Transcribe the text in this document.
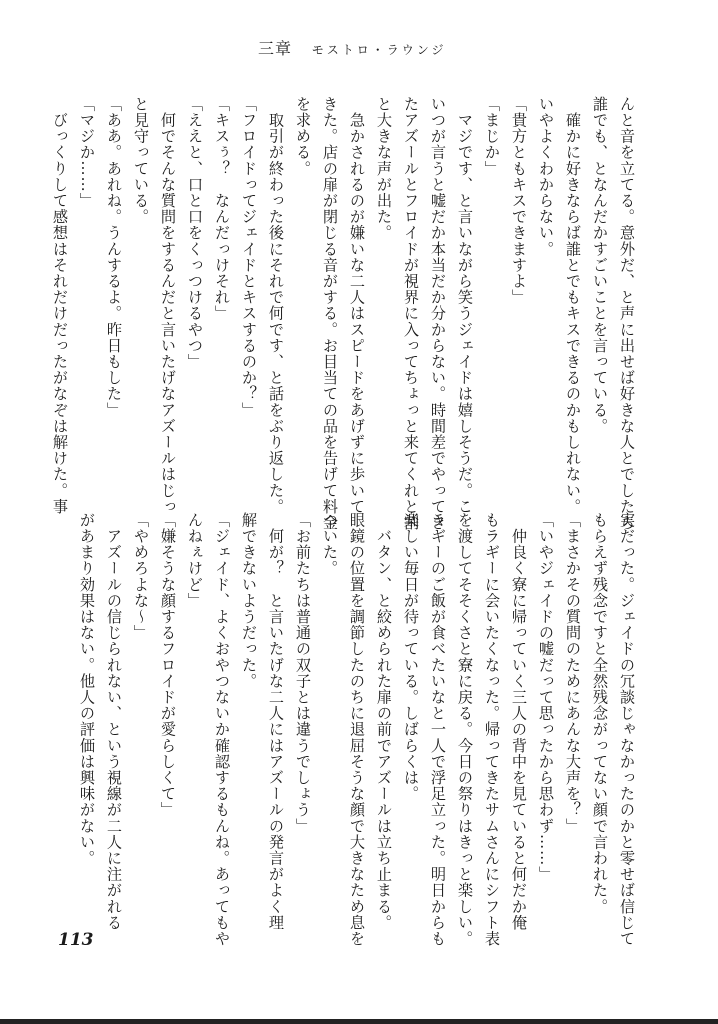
三章 モストロ・ラウンジ
んと音を立てる。意外だ、と声に出せば好きな人とでしたら
誰でも、となんだかすごいことを言っている。
　確かに好きならば誰とでもキスできるのかもしれない。
いやよくわからない。
「貴方ともキスできますよ」
「まじか」
　マジです、と言いながら笑うジェイドは嬉しそうだ。こ
いつが言うと嘘だか本当だか分からない。時間差でやってき
たアズールとフロイドが視界に入ってちょっと来てくれと割
と大きな声が出た。
　急かされるのが嫌いな二人はスピードをあげずに歩いて
きた。店の扉が閉じる音がする。お目当ての品を告げて料金
を求める。
　取引が終わった後にそれで何です、と話をぶり返した。
「フロイドってジェイドとキスするのか？」
「キスぅ？　なんだっけそれ」
「ええと、口と口をくっつけるやつ」
　何でそんな質問をするんだと言いたげなアズールはじっ
と見守っている。
「ああ。あれね。うんするよ。昨日もした」
「マジか……」
　びっくりして感想はそれだけだったがなぞは解けた。事
実だった。ジェイドの冗談じゃなかったのかと零せば信じて
もらえず残念ですと全然残念がってない顔で言われた。
「まさかその質問のためにあんな大声を？」
「いやジェイドの嘘だって思ったから思わず……」
　仲良く寮に帰っていく三人の背中を見ていると何だか俺
もラギーに会いたくなった。帰ってきたサムさんにシフト表
を渡してそそくさと寮に戻る。今日の祭りはきっと楽しい。
ラギーのご飯が食べたいなと一人で浮足立った。明日からも
楽しい毎日が待っている。しばらくは。
　バタン、と絞められた扉の前でアズールは立ち止まる。
眼鏡の位置を調節したのちに退屈そうな顔で大きなため息を
ついた。
「お前たちは普通の双子とは違うでしょう」
　何が？　と言いたげな二人にはアズールの発言がよく理
解できないようだった。
「ジェイド、よくおやつないか確認するもんね。あってもや
んねぇけど」
「嫌そうな顔するフロイドが愛らしくて」
「やめろよな～」
　アズールの信じられない、という視線が二人に注がれる
があまり効果はない。他人の評価は興味がない。
113
